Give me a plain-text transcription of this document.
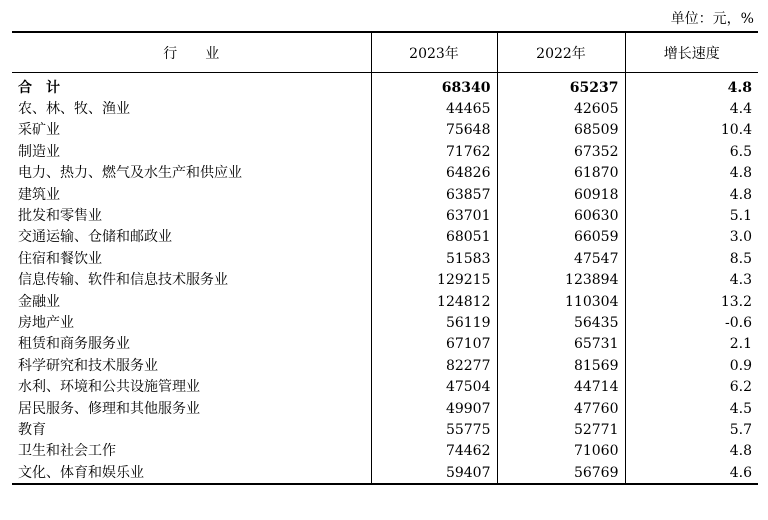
单位：元，%
行　　业	2023年	2022年	增长速度
合　计	68340	65237	4.8
农、林、牧、渔业	44465	42605	4.4
采矿业	75648	68509	10.4
制造业	71762	67352	6.5
电力、热力、燃气及水生产和供应业	64826	61870	4.8
建筑业	63857	60918	4.8
批发和零售业	63701	60630	5.1
交通运输、仓储和邮政业	68051	66059	3.0
住宿和餐饮业	51583	47547	8.5
信息传输、软件和信息技术服务业	129215	123894	4.3
金融业	124812	110304	13.2
房地产业	56119	56435	-0.6
租赁和商务服务业	67107	65731	2.1
科学研究和技术服务业	82277	81569	0.9
水利、环境和公共设施管理业	47504	44714	6.2
居民服务、修理和其他服务业	49907	47760	4.5
教育	55775	52771	5.7
卫生和社会工作	74462	71060	4.8
文化、体育和娱乐业	59407	56769	4.6
